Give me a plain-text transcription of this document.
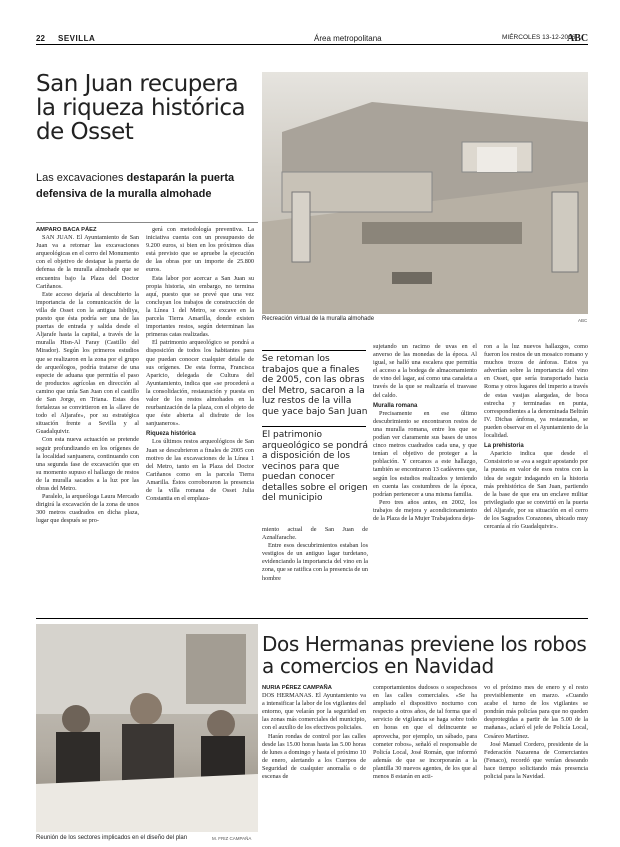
22 SEVILLA	Área metropolitana	MIÉRCOLES 13-12-2006
ABC
San Juan recupera la riqueza histórica de Osset
Las excavaciones destaparán la puerta defensiva de la muralla almohade
Recreación virtual de la muralla almohade	ABC

AMPARO BACA PÁEZ

SAN JUAN. El Ayuntamiento de San Juan va a retomar las excavaciones arqueológicas en el cerro del Monumento con el objetivo de destapar la puerta de defensa de la muralla almohade que se encuentra bajo la Plaza del Doctor Cariñanos.

Este acceso dejaría al descubierto la importancia de la comunicación de la villa de Osset con la antigua Isbiliya, puesto que ésta podría ser una de las puertas de entrada y salida desde el Aljarafe hasta la capital, a través de la muralla Hisn-Al Faray (Castillo del Mirador). Según los primeros estudios que se realizaron en la zona por el grupo de arqueólogos, podría tratarse de una especie de aduana que permitía el paso de productos agrícolas en dirección al camino que unía San Juan con el castillo de San Jorge, en Triana. Estas dos fortalezas se convirtieron en la «llave de todo el Aljarafe», por su estratégica situación frente a Sevilla y al Guadalquivir.

Con esta nueva actuación se pretende seguir profundizando en los orígenes de la localidad sanjuanera, continuando con una segunda fase de excavación que en su momento supuso el hallazgo de restos de la muralla sacados a la luz por las obras del Metro.

Paralelo, la arqueóloga Laura Mercado dirigirá la excavación de la zona de unos 300 metros cuadrados en dicha plaza, lugar que después se pro-

gerá con metodología preventiva. La iniciativa cuenta con un presupuesto de 9.200 euros, si bien en los próximos días está previsto que se apruebe la ejecución de las obras por un importe de 25.800 euros.

Esta labor por acercar a San Juan su propia historia, sin embargo, no termina aquí, puesto que se prevé que una vez concluyan los trabajos de construcción de la Línea 1 del Metro, se excave en la parcela Tierra Amarilla, donde existen importantes restos, según determinan las primeras catas realizadas.

El patrimonio arqueológico se pondrá a disposición de todos los habitantes para que puedan conocer cualquier detalle de sus orígenes. De esta forma, Francisca Aparicio, delegada de Cultura del Ayuntamiento, indica que «se procederá a la consolidación, restauración y puesta en valor de los restos almohades en la reurbanización de la plaza, con el objeto de que éste abierta al disfrute de los sanjuaneros».

Riqueza histórica

Los últimos restos arqueológicos de San Juan se descubrieron a finales de 2005 con motivo de las excavaciones de la Línea 1 del Metro, tanto en la Plaza del Doctor Cariñanos como en la parcela Tierra Amarilla. Éstos corroboraron la presencia de la villa romana de Osset Julia Constantia en el emplaza-

Se retoman los trabajos que a finales de 2005, con las obras del Metro, sacaron a la luz restos de la villa que yace bajo San Juan
El patrimonio arqueológico se pondrá a disposición de los vecinos para que puedan conocer detalles sobre el origen del municipio

miento actual de San Juan de Aznalfarache.

Entre esos descubrimientos estaban los vestigios de un antiguo lagar turdetano, evidenciando la importancia del vino en la zona, que se ratifica con la presencia de un hombre

sujetando un racimo de uvas en el anverso de las monedas de la época. Al igual, se halló una escalera que permitía el acceso a la bodega de almacenamiento de vino del lagar, así como una canaleta a través de la que se realizaría el trasvase del caldo.

Muralla romana

Precisamente en ese último descubrimiento se encontraron restos de una muralla romana, entre los que se podían ver claramente sus bases de unos cinco metros cuadrados cada una, y que tenían el objetivo de proteger a la población. Y cercanos a este hallazgo, también se encontraron 13 cadáveres que, según los estudios realizados y teniendo en cuenta las costumbres de la época, podrían pertenecer a una misma familia.

Pero tres años antes, en 2002, los trabajos de mejora y acondicionamiento de la Plaza de la Mujer Trabajadora deja-

ron a la luz nuevos hallazgos, como fueron los restos de un mosaico romano y muchos trozos de ánforas. Estos ya advertían sobre la importancia del vino en Osset, que sería transportado hacia Roma y otros lugares del imperio a través de estas vasijas alargadas, de boca estrecha y terminadas en punta, correspondientes a la denominada Beltrán IV. Dichas ánforas, ya restauradas, se pueden observar en el Ayuntamiento de la localidad.

La prehistoria

Aparicio indica que desde el Consistorio se «va a seguir apostando por la puesta en valor de esos restos con la idea de seguir indagando en la historia más prehistórica de San Juan, partiendo de la base de que era un enclave militar privilegiado que se convirtió en la puerta del Aljarafe, por su situación en el cerro de los Sagrados Corazones, ubicado muy cercanía al río Guadalquivir».

Reunión de los sectores implicados en el diseño del plan	M. FRIZ CAMPAÑA
Dos Hermanas previene los robos a comercios en Navidad

NURIA PÉREZ CAMPAÑA

DOS HERMANAS. El Ayuntamiento va a intensificar la labor de los vigilantes del entorno, que velarán por la seguridad en las zonas más comerciales del municipio, con el auxilio de los efectivos policiales.

Harán rondas de control por las calles desde las 15.00 horas hasta las 5.00 horas de lunes a domingo y hasta el próximo 10 de enero, alertando a los Cuerpos de Seguridad de cualquier anomalía o de escenas de

comportamientos dudosos o sospechosos en las calles comerciales. «Se ha ampliado el dispositivo nocturno con respecto a otros años, de tal forma que el servicio de vigilancia se haga sobre todo en horas en que el delincuente se aprovecha, por ejemplo, un sábado, para cometer robos», señaló el responsable de Policía Local, José Román, que informó además de que se incorporarán a la plantilla 30 nuevos agentes, de los que al menos 8 estarán en acti-

vo el próximo mes de enero y el resto previsiblemente en marzo. «Cuando acabe el turno de los vigilantes se pondrán más policías para que no queden desprotegidas a partir de las 5.00 de la mañana», aclaró el jefe de Policía Local, Cesáreo Martínez.

José Manuel Cordero, presidente de la Federación Nazarena de Comerciantes (Fenaco), recordó que venían deseando hace tiempo solicitando más presencia policial para la Navidad.
